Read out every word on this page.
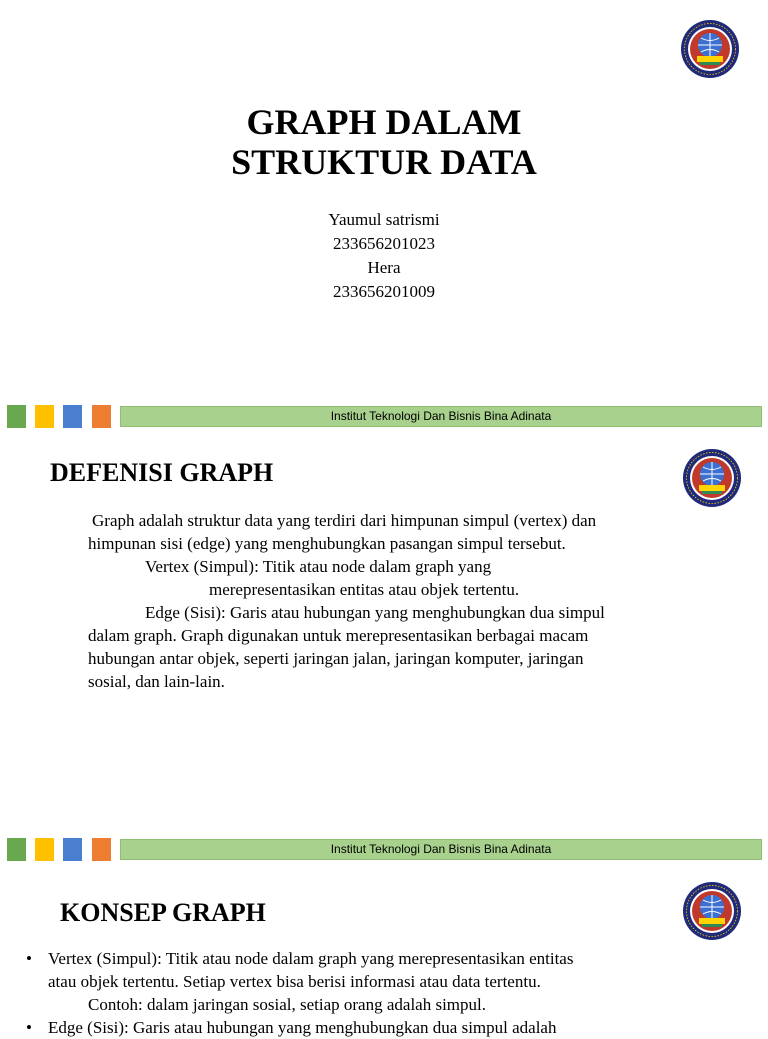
GRAPH DALAM
STRUKTUR DATA
Yaumul satrismi
233656201023
Hera
233656201009
Institut Teknologi Dan Bisnis Bina Adinata
DEFENISI GRAPH

Graph adalah struktur data yang terdiri dari himpunan simpul (vertex) dan

himpunan sisi (edge) yang menghubungkan pasangan simpul tersebut.

Vertex (Simpul): Titik atau node dalam graph yang

merepresentasikan entitas atau objek tertentu.

Edge (Sisi): Garis atau hubungan yang menghubungkan dua simpul

dalam graph. Graph digunakan untuk merepresentasikan berbagai macam

hubungan antar objek, seperti jaringan jalan, jaringan komputer, jaringan

sosial, dan lain-lain.

Institut Teknologi Dan Bisnis Bina Adinata
KONSEP GRAPH
• Vertex (Simpul): Titik atau node dalam graph yang merepresentasikan entitas
atau objek tertentu. Setiap vertex bisa berisi informasi atau data tertentu.
Contoh: dalam jaringan sosial, setiap orang adalah simpul.
• Edge (Sisi): Garis atau hubungan yang menghubungkan dua simpul adalah
